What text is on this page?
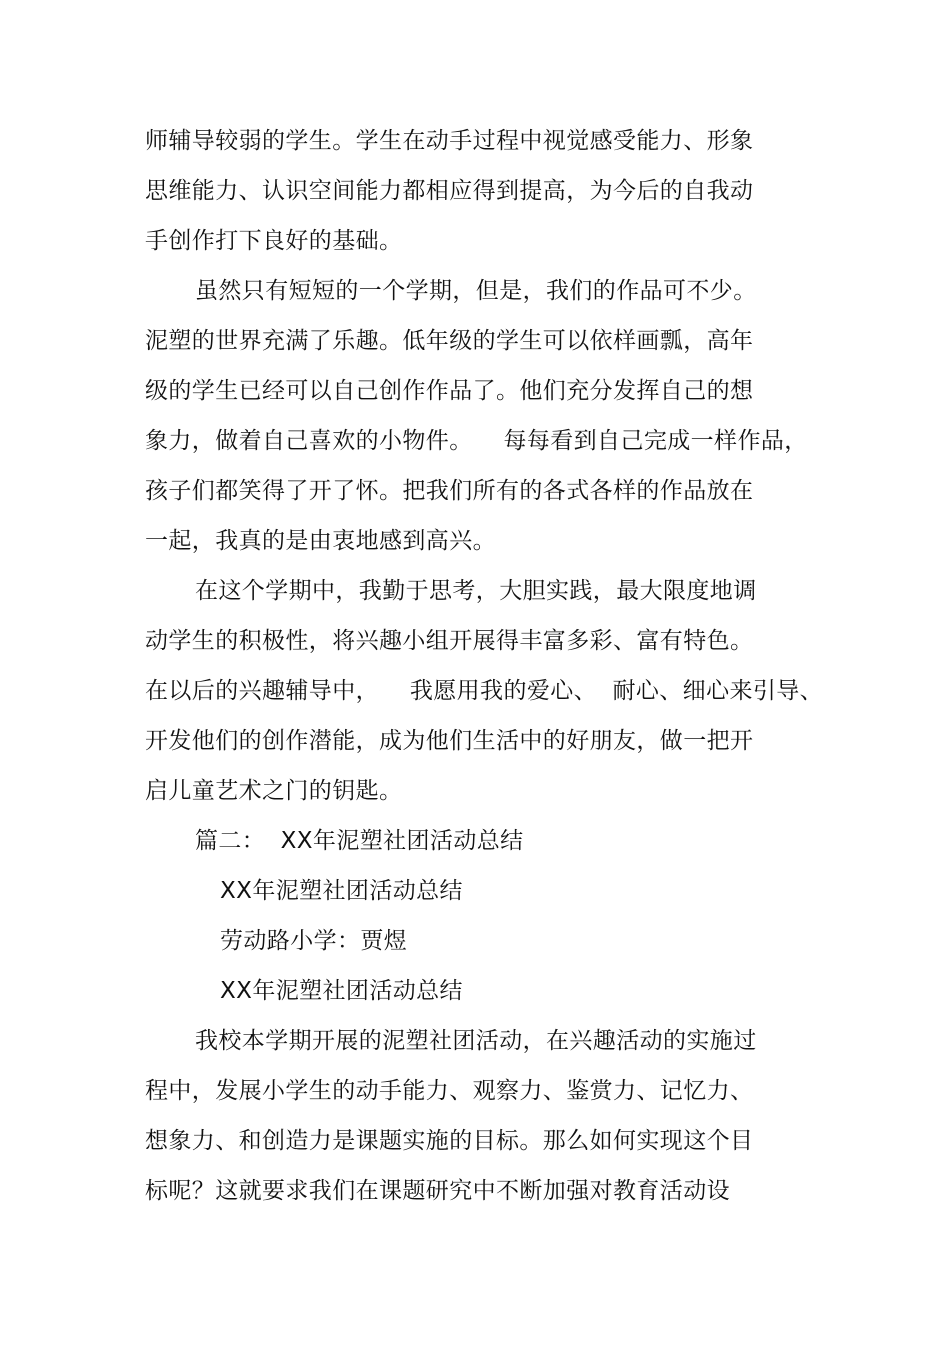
师辅导较弱的学生。学生在动手过程中视觉感受能力、形象
思维能力、认识空间能力都相应得到提高，为今后的自我动
手创作打下良好的基础。
虽然只有短短的一个学期，但是，我们的作品可不少。
泥塑的世界充满了乐趣。低年级的学生可以依样画瓢，高年
级的学生已经可以自己创作作品了。他们充分发挥自己的想
象力，做着自己喜欢的小物件。    每每看到自己完成一样作品，
孩子们都笑得了开了怀。把我们所有的各式各样的作品放在
一起，我真的是由衷地感到高兴。
在这个学期中，我勤于思考，大胆实践，最大限度地调
动学生的积极性，将兴趣小组开展得丰富多彩、富有特色。
在以后的兴趣辅导中，    我愿用我的爱心、  耐心、细心来引导、
开发他们的创作潜能，成为他们生活中的好朋友，做一把开
启儿童艺术之门的钥匙。
篇二：  XX年泥塑社团活动总结
XX年泥塑社团活动总结
劳动路小学：贾煜
XX年泥塑社团活动总结
我校本学期开展的泥塑社团活动，在兴趣活动的实施过
程中，发展小学生的动手能力、观察力、鉴赏力、记忆力、
想象力、和创造力是课题实施的目标。那么如何实现这个目
标呢？这就要求我们在课题研究中不断加强对教育活动设
